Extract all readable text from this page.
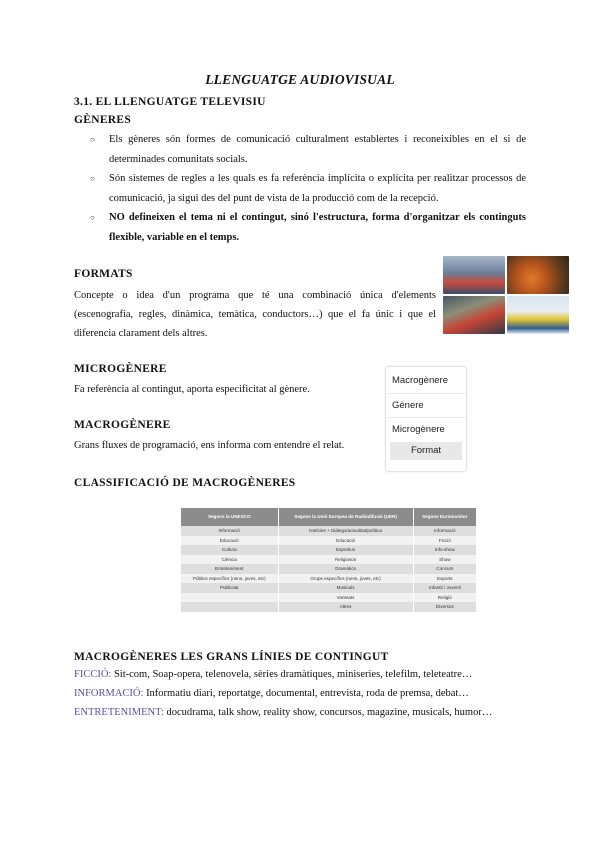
LLENGUATGE AUDIOVISUAL
3.1. EL LLENGUATGE TELEVISIU
GÈNERES
○ Els gèneres són formes de comunicació culturalment establertes i reconeixibles en el si de determinades comunitats socials.
○ Són sistemes de regles a les quals es fa referència implícita o explícita per realitzar processos de comunicació, ja sigui des del punt de vista de la producció com de la recepció.
○ NO defineixen el tema ni el contingut, sinó l'estructura, forma d'organitzar els continguts flexible, variable en el temps.
FORMATS
Concepte o idea d'un programa que té una combinació única d'elements (escenografia, regles, dinàmica, temàtica, conductors…) que el fa únic i que el diferencia clarament dels altres.
MICROGÈNERE
Fa referència al contingut, aporta especificitat al gènere.
MACROGÈNERE
Grans fluxes de programació, ens informa com entendre el relat.
Macrogènere
Gènere
Microgènere
Format
CLASSIFICACIÓ DE MACROGÈNERES
Segons la UNESCO	Segons la Unió Europea de Radiodifusió (UER)	Segons Euromonitor
Informació	Notícies + Diàlegs/actualitat/política	Informació
Educació	Educació	Ficció
Cultura	Esportius	Info-show
Ciència	Religiosos	Show
Entreteniment	Dramàtics	Concurs
Públics específics (nens, joves, etc)	Grups específics (nens, joves, etc)	Esports
Publicitat	Musicals	Infantil / Juvenil
	Varietats	Religió
	Altres	Diversos
MACROGÈNERES LES GRANS LÍNIES DE CONTINGUT
FICCIÓ: Sit-com, Soap-opera, telenovela, sèries dramàtiques, miniseries, telefilm, teleteatre…
INFORMACIÓ: Informatiu diari, reportatge, documental, entrevista, roda de premsa, debat…
ENTRETENIMENT: docudrama, talk show, reality show, concursos, magazine, musicals, humor…
